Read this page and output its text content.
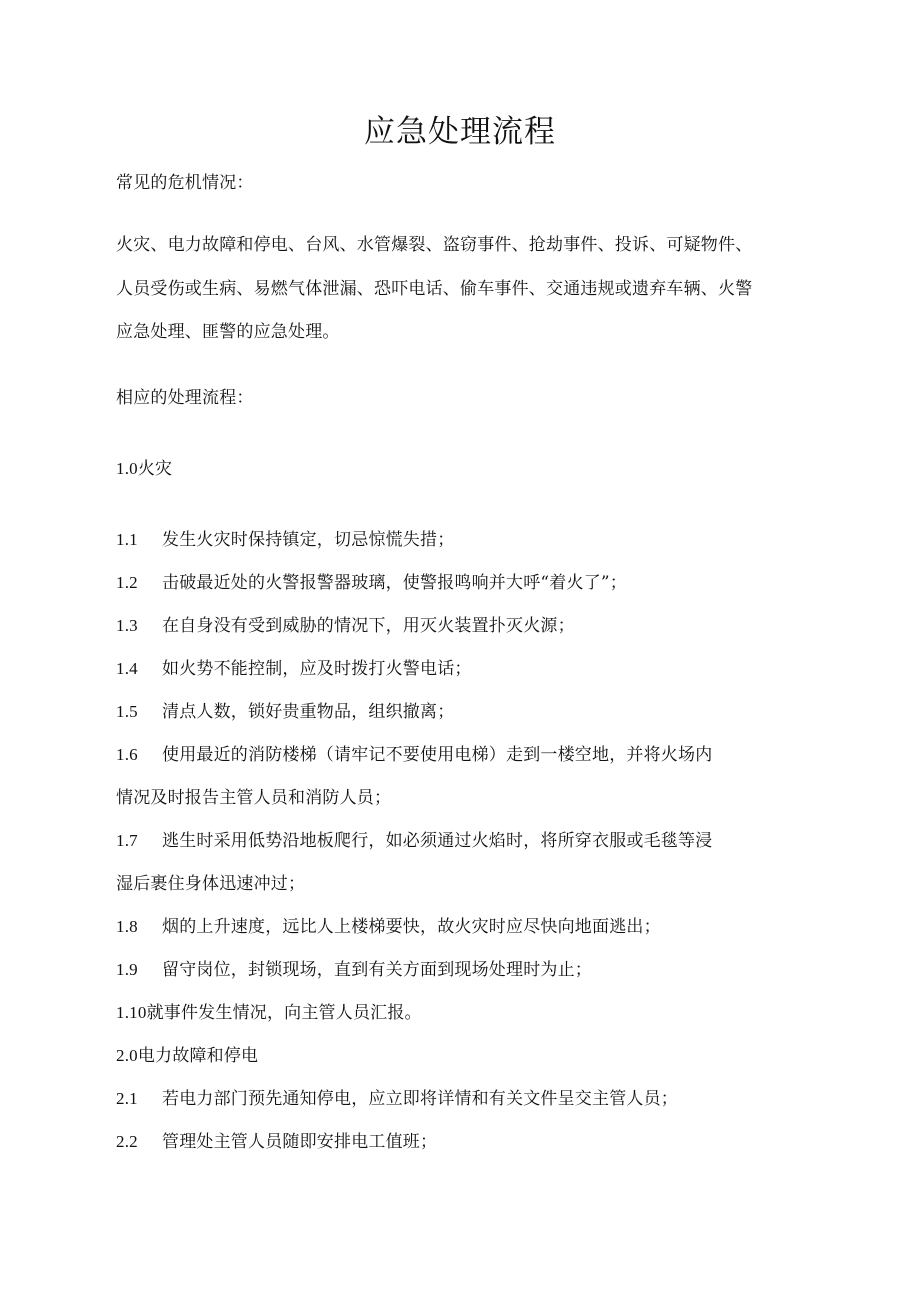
应急处理流程
常见的危机情况：
火灾、电力故障和停电、台风、水管爆裂、盗窃事件、抢劫事件、投诉、可疑物件、
人员受伤或生病、易燃气体泄漏、恐吓电话、偷车事件、交通违规或遗弃车辆、火警
应急处理、匪警的应急处理。
相应的处理流程：
1.0火灾
1.1 发生火灾时保持镇定，切忌惊慌失措；
1.2 击破最近处的火警报警器玻璃，使警报鸣响并大呼“着火了”；
1.3 在自身没有受到威胁的情况下，用灭火装置扑灭火源；
1.4 如火势不能控制，应及时拨打火警电话；
1.5 清点人数，锁好贵重物品，组织撤离；
1.6 使用最近的消防楼梯（请牢记不要使用电梯）走到一楼空地，并将火场内
情况及时报告主管人员和消防人员；
1.7 逃生时采用低势沿地板爬行，如必须通过火焰时，将所穿衣服或毛毯等浸
湿后裹住身体迅速冲过；
1.8 烟的上升速度，远比人上楼梯要快，故火灾时应尽快向地面逃出；
1.9 留守岗位，封锁现场，直到有关方面到现场处理时为止；
1.10就事件发生情况，向主管人员汇报。
2.0电力故障和停电
2.1 若电力部门预先通知停电，应立即将详情和有关文件呈交主管人员；
2.2 管理处主管人员随即安排电工值班；
